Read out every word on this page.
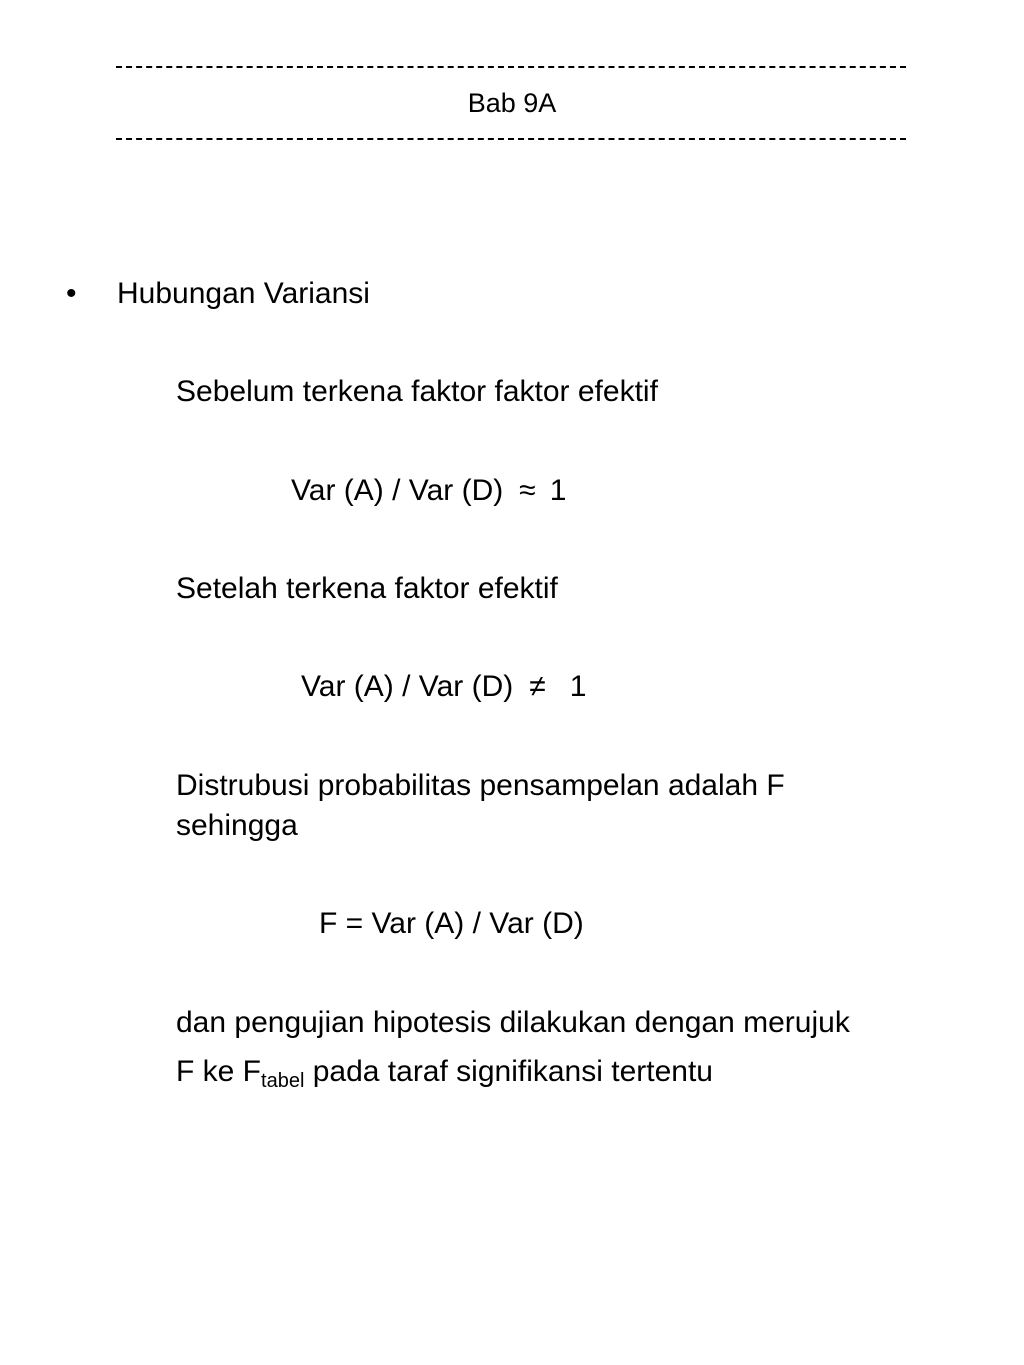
Bab 9A
• Hubungan Variansi
Sebelum terkena faktor faktor efektif
Var (A) / Var (D) ≈ 1
Setelah terkena faktor efektif
Var (A) / Var (D) ≠ 1
Distrubusi probabilitas pensampelan adalah F
sehingga
F = Var (A) / Var (D)
dan pengujian hipotesis dilakukan dengan merujuk
F ke $F_{tabel}$ pada taraf signifikansi tertentu
